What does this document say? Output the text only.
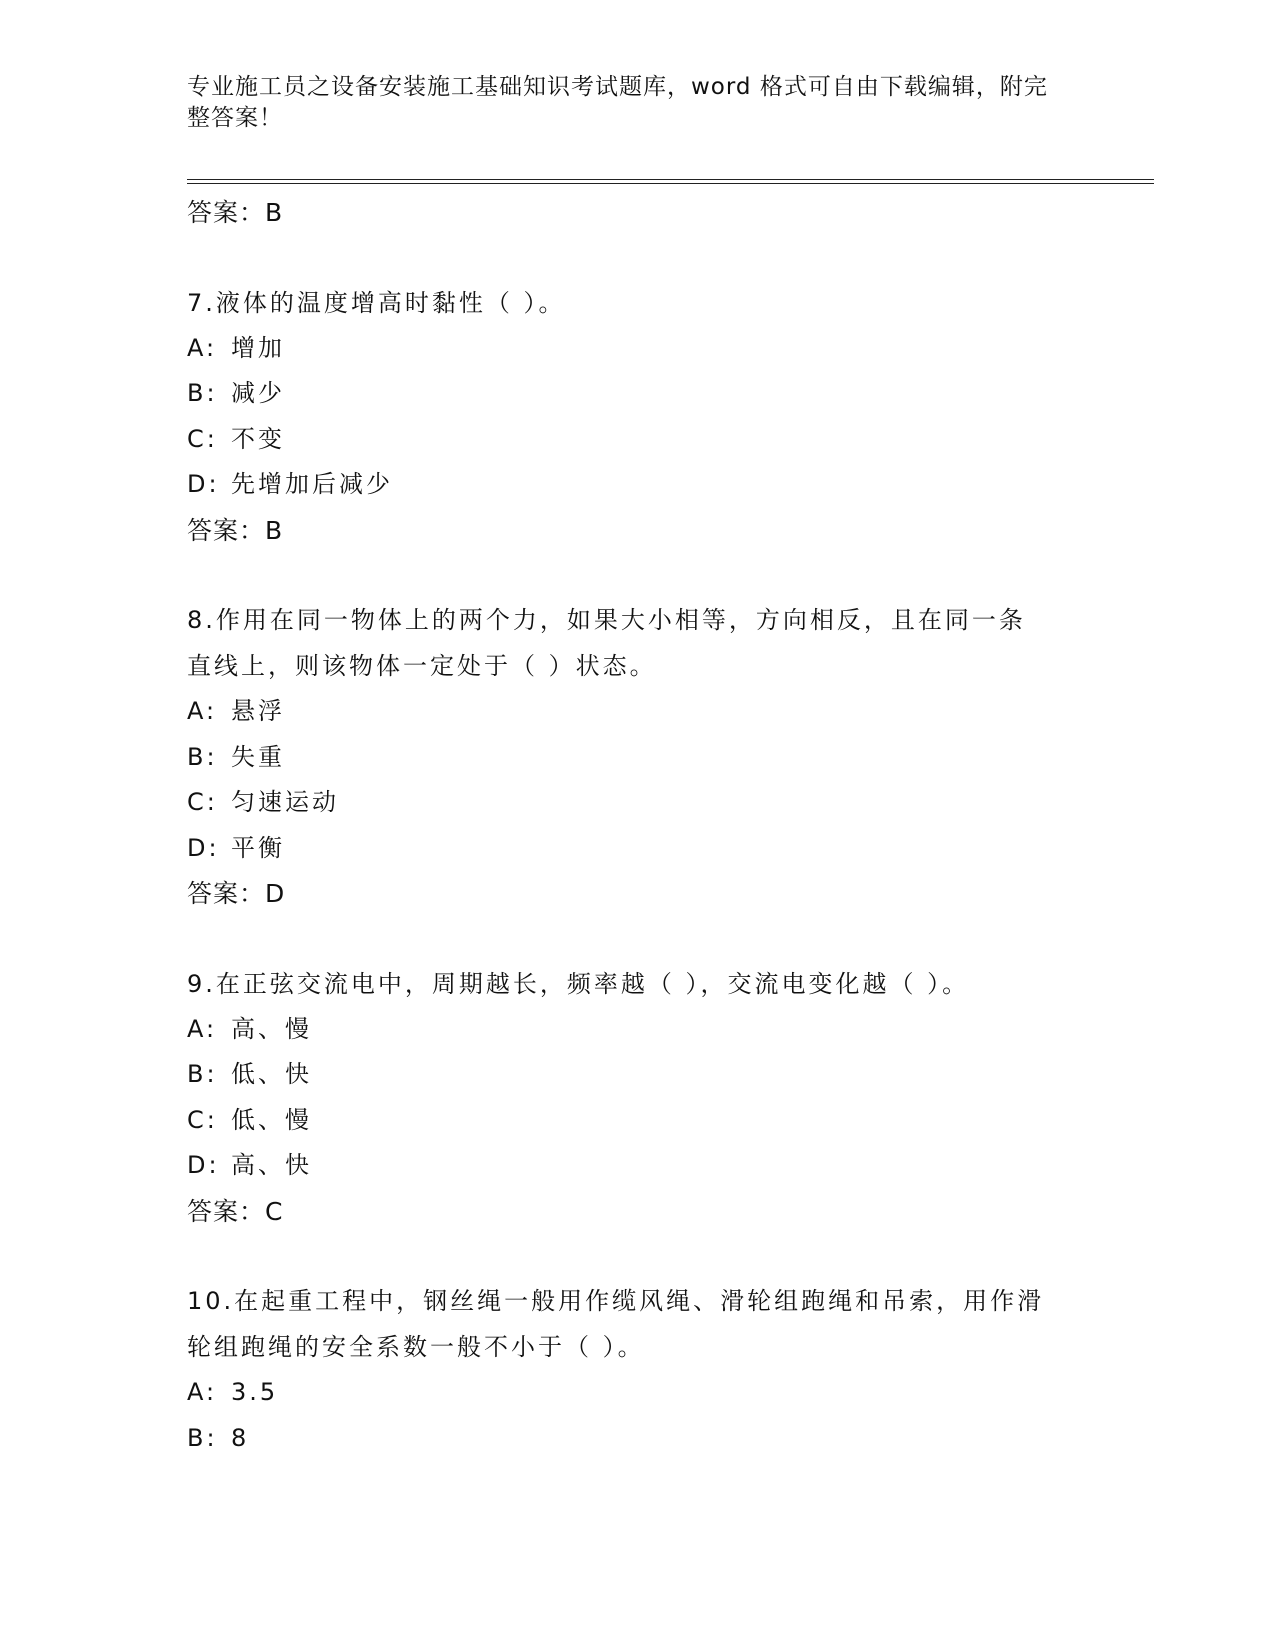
专业施工员之设备安装施工基础知识考试题库，word 格式可自由下载编辑，附完整答案！
答案：B
7.液体的温度增高时黏性（ ）。
A: 增加
B: 减少
C: 不变
D: 先增加后减少
答案：B
8.作用在同一物体上的两个力，如果大小相等，方向相反，且在同一条直线上，则该物体一定处于（ ）状态。
A: 悬浮
B: 失重
C: 匀速运动
D: 平衡
答案：D
9.在正弦交流电中，周期越长，频率越（ ），交流电变化越（ ）。
A: 高、慢
B: 低、快
C: 低、慢
D: 高、快
答案：C
10.在起重工程中，钢丝绳一般用作缆风绳、滑轮组跑绳和吊索，用作滑轮组跑绳的安全系数一般不小于（ ）。
A: 3.5
B: 8
